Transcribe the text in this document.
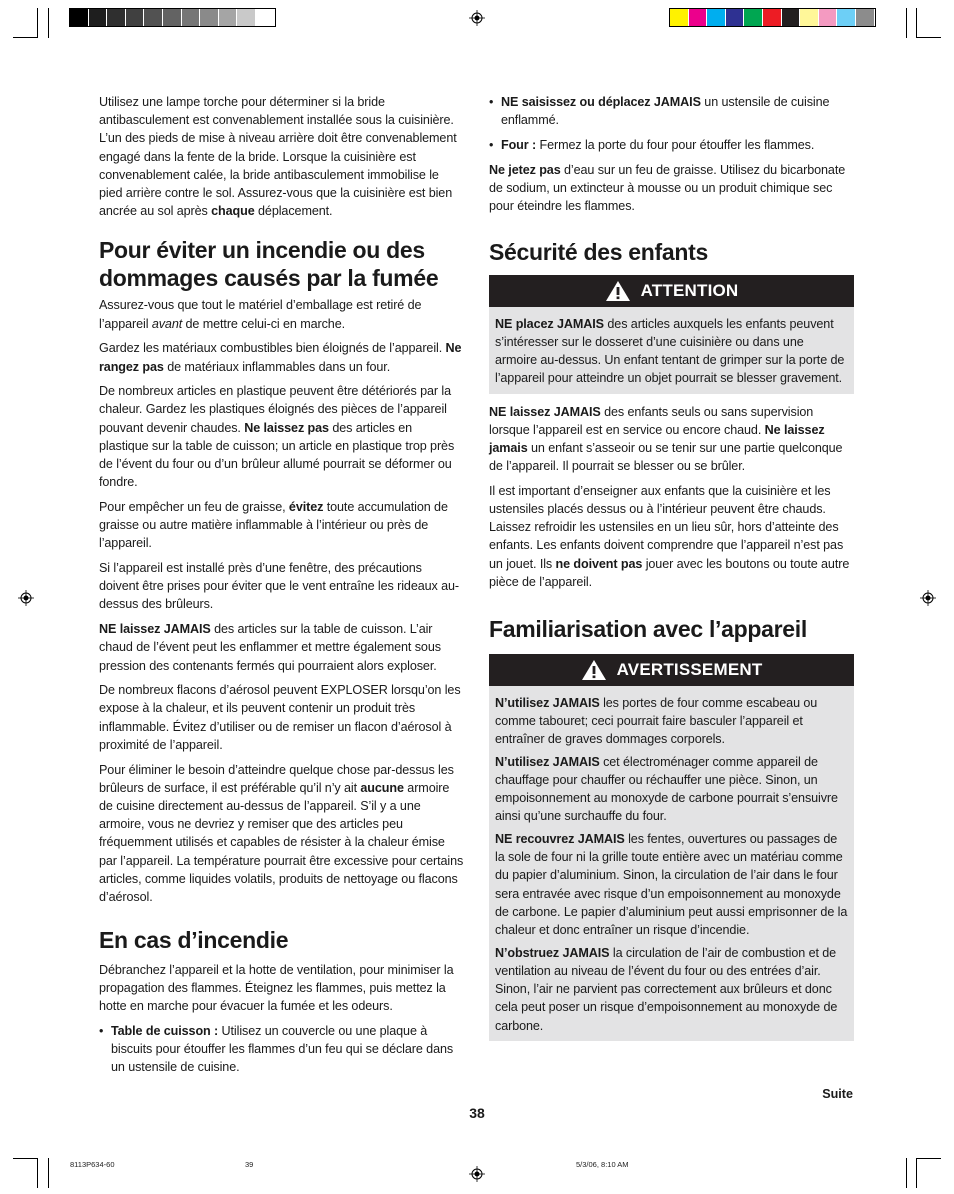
Utilisez une lampe torche pour déterminer si la bride antibasculement est convenablement installée sous la cuisinière. L’un des pieds de mise à niveau arrière doit être convenablement engagé dans la fente de la bride. Lorsque la cuisinière est convenablement calée, la bride antibasculement immobilise le pied arrière contre le sol. Assurez-vous que la cuisinière est bien ancrée au sol après chaque déplacement.

Pour éviter un incendie ou des dommages causés par la fumée

Assurez-vous que tout le matériel d’emballage est retiré de l’appareil avant de mettre celui-ci en marche.

Gardez les matériaux combustibles bien éloignés de l’appareil. Ne rangez pas de matériaux inflammables dans un four.

De nombreux articles en plastique peuvent être détériorés par la chaleur. Gardez les plastiques éloignés des pièces de l’appareil pouvant devenir chaudes. Ne laissez pas des articles en plastique sur la table de cuisson; un article en plastique trop près de l’évent du four ou d’un brûleur allumé pourrait se déformer ou fondre.

Pour empêcher un feu de graisse, évitez toute accumulation de graisse ou autre matière inflammable à l’intérieur ou près de l’appareil.

Si l’appareil est installé près d’une fenêtre, des précautions doivent être prises pour éviter que le vent entraîne les rideaux au-dessus des brûleurs.

NE laissez JAMAIS des articles sur la table de cuisson. L’air chaud de l’évent peut les enflammer et mettre également sous pression des contenants fermés qui pourraient alors exploser.

De nombreux flacons d’aérosol peuvent EXPLOSER lorsqu’on les expose à la chaleur, et ils peuvent contenir un produit très inflammable. Évitez d’utiliser ou de remiser un flacon d’aérosol à proximité de l’appareil.

Pour éliminer le besoin d’atteindre quelque chose par-dessus les brûleurs de surface, il est préférable qu’il n’y ait aucune armoire de cuisine directement au-dessus de l’appareil. S’il y a une armoire, vous ne devriez y remiser que des articles peu fréquemment utilisés et capables de résister à la chaleur émise par l’appareil. La température pourrait être excessive pour certains articles, comme liquides volatils, produits de nettoyage ou flacons d’aérosol.

En cas d’incendie

Débranchez l’appareil et la hotte de ventilation, pour minimiser la propagation des flammes. Éteignez les flammes, puis mettez la hotte en marche pour évacuer la fumée et les odeurs.

• Table de cuisson : Utilisez un couvercle ou une plaque à biscuits pour étouffer les flammes d’un feu qui se déclare dans un ustensile de cuisine.
• NE saisissez ou déplacez JAMAIS un ustensile de cuisine enflammé.
• Four : Fermez la porte du four pour étouffer les flammes.

Ne jetez pas d’eau sur un feu de graisse. Utilisez du bicarbonate de sodium, un extincteur à mousse ou un produit chimique sec pour éteindre les flammes.

Sécurité des enfants
ATTENTION

NE placez JAMAIS des articles auxquels les enfants peuvent s’intéresser sur le dosseret d’une cuisinière ou dans une armoire au-dessus. Un enfant tentant de grimper sur la porte de l’appareil pour atteindre un objet pourrait se blesser gravement.

NE laissez JAMAIS des enfants seuls ou sans supervision lorsque l’appareil est en service ou encore chaud. Ne laissez jamais un enfant s’asseoir ou se tenir sur une partie quelconque de l’appareil. Il pourrait se blesser ou se brûler.

Il est important d’enseigner aux enfants que la cuisinière et les ustensiles placés dessus ou à l’intérieur peuvent être chauds. Laissez refroidir les ustensiles en un lieu sûr, hors d’atteinte des enfants. Les enfants doivent comprendre que l’appareil n’est pas un jouet. Ils ne doivent pas jouer avec les boutons ou toute autre pièce de l’appareil.

Familiarisation avec l’appareil
AVERTISSEMENT

N’utilisez JAMAIS les portes de four comme escabeau ou comme tabouret; ceci pourrait faire basculer l’appareil et entraîner de graves dommages corporels.

N’utilisez JAMAIS cet électroménager comme appareil de chauffage pour chauffer ou réchauffer une pièce. Sinon, un empoisonnement au monoxyde de carbone pourrait s’ensuivre ainsi qu’une surchauffe du four.

NE recouvrez JAMAIS les fentes, ouvertures ou passages de la sole de four ni la grille toute entière avec un matériau comme du papier d’aluminium. Sinon, la circulation de l’air dans le four sera entravée avec risque d’un empoisonnement au monoxyde de carbone. Le papier d’aluminium peut aussi emprisonner de la chaleur et donc entraîner un risque d’incendie.

N’obstruez JAMAIS la circulation de l’air de combustion et de ventilation au niveau de l’évent du four ou des entrées d’air. Sinon, l’air ne parvient pas correctement aux brûleurs et donc cela peut poser un risque d’empoisonnement au monoxyde de carbone.

Suite
38
8113P634-60	39	5/3/06, 8:10 AM
